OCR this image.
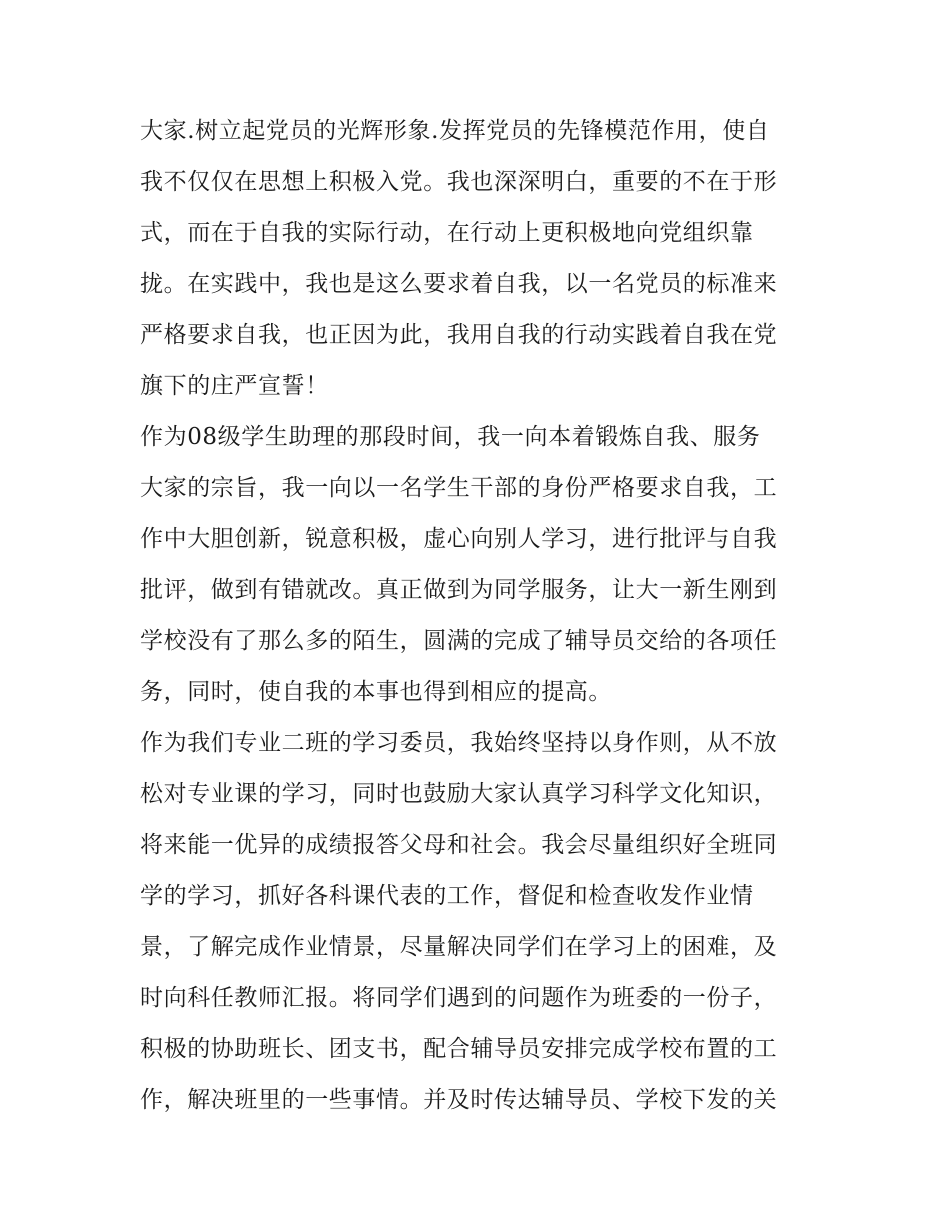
大家.树立起党员的光辉形象.发挥党员的先锋模范作用，使自
我不仅仅在思想上积极入党。我也深深明白，重要的不在于形
式，而在于自我的实际行动，在行动上更积极地向党组织靠
拢。在实践中，我也是这么要求着自我，以一名党员的标准来
严格要求自我，也正因为此，我用自我的行动实践着自我在党
旗下的庄严宣誓！
作为08级学生助理的那段时间，我一向本着锻炼自我、服务
大家的宗旨，我一向以一名学生干部的身份严格要求自我，工
作中大胆创新，锐意积极，虚心向别人学习，进行批评与自我
批评，做到有错就改。真正做到为同学服务，让大一新生刚到
学校没有了那么多的陌生，圆满的完成了辅导员交给的各项任
务，同时，使自我的本事也得到相应的提高。
作为我们专业二班的学习委员，我始终坚持以身作则，从不放
松对专业课的学习，同时也鼓励大家认真学习科学文化知识，
将来能一优异的成绩报答父母和社会。我会尽量组织好全班同
学的学习，抓好各科课代表的工作，督促和检查收发作业情
景，了解完成作业情景，尽量解决同学们在学习上的困难，及
时向科任教师汇报。将同学们遇到的问题作为班委的一份子，
积极的协助班长、团支书，配合辅导员安排完成学校布置的工
作，解决班里的一些事情。并及时传达辅导员、学校下发的关
